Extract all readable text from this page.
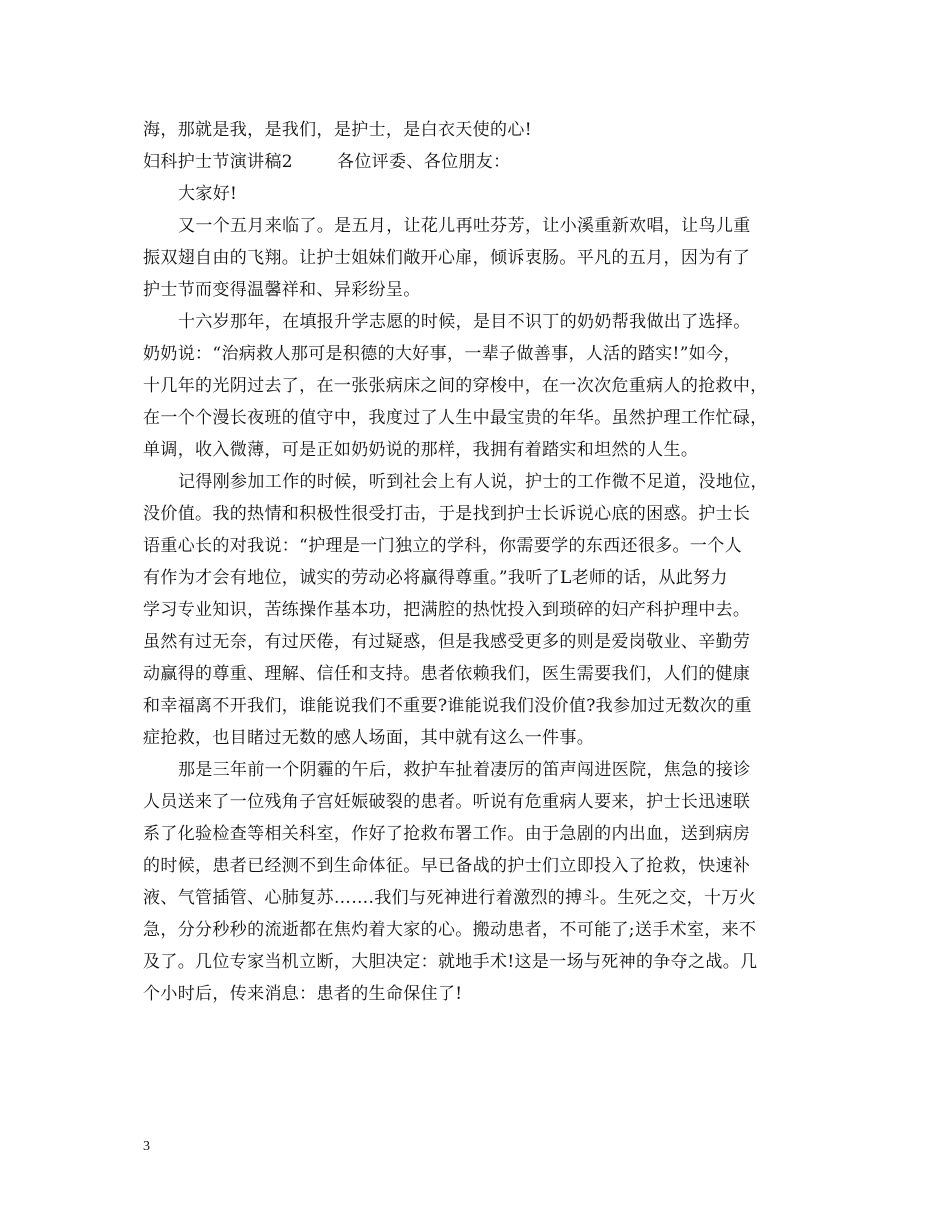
海，那就是我，是我们，是护士，是白衣天使的心!
妇科护士节演讲稿2	各位评委、各位朋友：
大家好!
又一个五月来临了。是五月，让花儿再吐芬芳，让小溪重新欢唱，让鸟儿重
振双翅自由的飞翔。让护士姐妹们敞开心扉，倾诉衷肠。平凡的五月，因为有了
护士节而变得温馨祥和、异彩纷呈。
十六岁那年，在填报升学志愿的时候，是目不识丁的奶奶帮我做出了选择。
奶奶说：“治病救人那可是积德的大好事，一辈子做善事，人活的踏实!”如今，
十几年的光阴过去了，在一张张病床之间的穿梭中，在一次次危重病人的抢救中，
在一个个漫长夜班的值守中，我度过了人生中最宝贵的年华。虽然护理工作忙碌，
单调，收入微薄，可是正如奶奶说的那样，我拥有着踏实和坦然的人生。
记得刚参加工作的时候，听到社会上有人说，护士的工作微不足道，没地位，
没价值。我的热情和积极性很受打击，于是找到护士长诉说心底的困惑。护士长
语重心长的对我说：“护理是一门独立的学科，你需要学的东西还很多。一个人
有作为才会有地位，诚实的劳动必将赢得尊重。”我听了L老师的话，从此努力
学习专业知识，苦练操作基本功，把满腔的热忱投入到琐碎的妇产科护理中去。
虽然有过无奈，有过厌倦，有过疑惑，但是我感受更多的则是爱岗敬业、辛勤劳
动赢得的尊重、理解、信任和支持。患者依赖我们，医生需要我们，人们的健康
和幸福离不开我们，谁能说我们不重要?谁能说我们没价值?我参加过无数次的重
症抢救，也目睹过无数的感人场面，其中就有这么一件事。
那是三年前一个阴霾的午后，救护车扯着凄厉的笛声闯进医院，焦急的接诊
人员送来了一位残角子宫妊娠破裂的患者。听说有危重病人要来，护士长迅速联
系了化验检查等相关科室，作好了抢救布署工作。由于急剧的内出血，送到病房
的时候，患者已经测不到生命体征。早已备战的护士们立即投入了抢救，快速补
液、气管插管、心肺复苏…….我们与死神进行着激烈的搏斗。生死之交，十万火
急，分分秒秒的流逝都在焦灼着大家的心。搬动患者，不可能了;送手术室，来不
及了。几位专家当机立断，大胆决定：就地手术!这是一场与死神的争夺之战。几
个小时后，传来消息：患者的生命保住了!
3
